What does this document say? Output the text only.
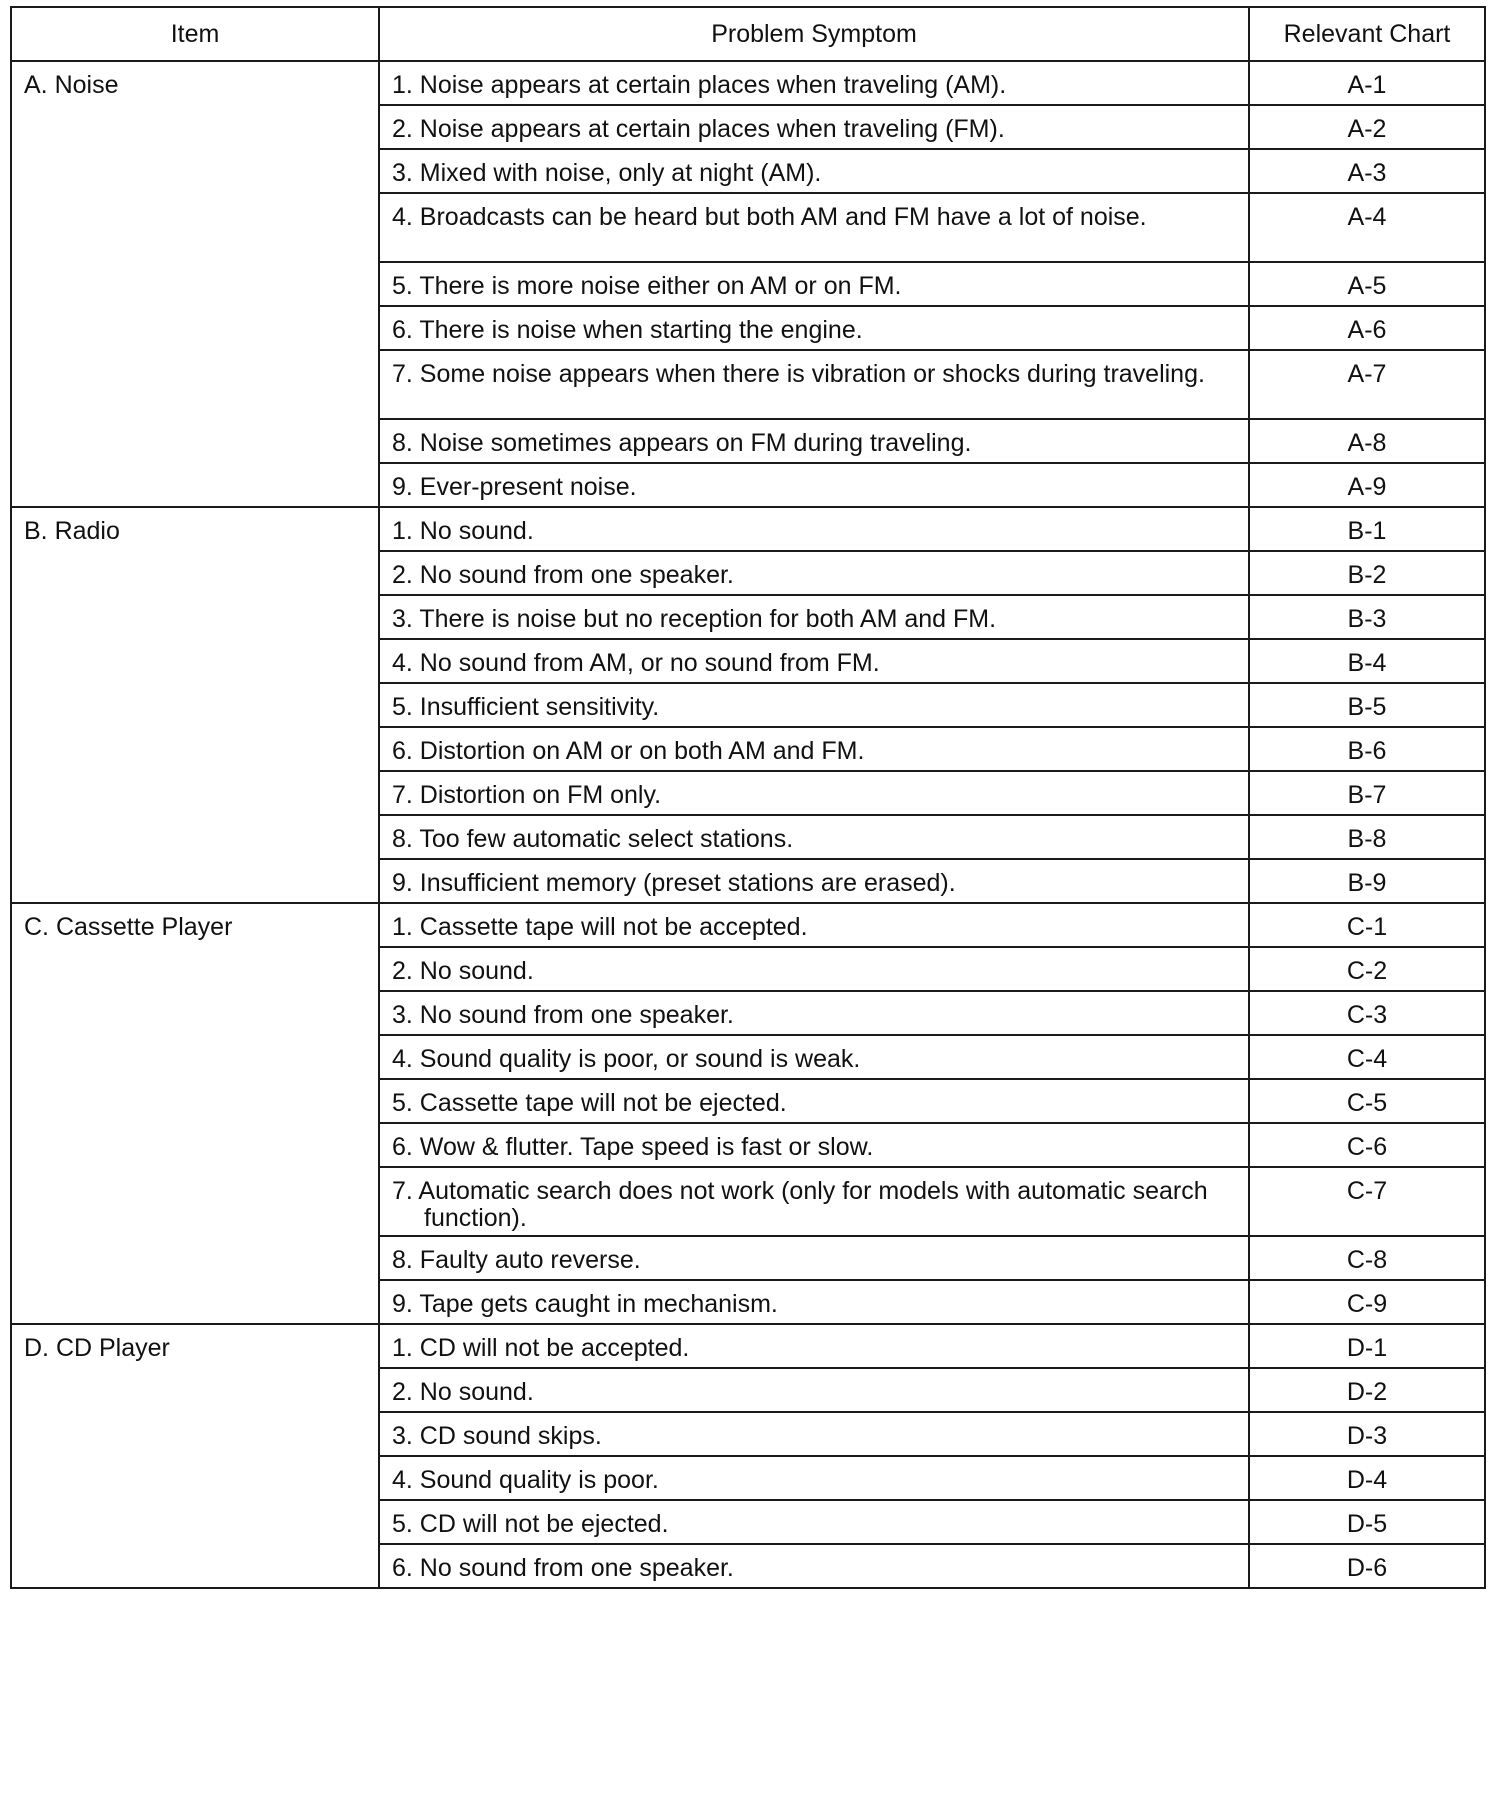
Item	Problem Symptom	Relevant Chart
A. Noise	1. Noise appears at certain places when traveling (AM).	A-1

	2. Noise appears at certain places when traveling (FM).	A-2

	3. Mixed with noise, only at night (AM).	A-3

	4. Broadcasts can be heard but both AM and FM have a lot of noise.	A-4

	5. There is more noise either on AM or on FM.	A-5

	6. There is noise when starting the engine.	A-6

	7. Some noise appears when there is vibration or shocks during traveling.	A-7

	8. Noise sometimes appears on FM during traveling.	A-8

	9. Ever-present noise.	A-9
B. Radio	1. No sound.	B-1

	2. No sound from one speaker.	B-2

	3. There is noise but no reception for both AM and FM.	B-3

	4. No sound from AM, or no sound from FM.	B-4

	5. Insufficient sensitivity.	B-5

	6. Distortion on AM or on both AM and FM.	B-6

	7. Distortion on FM only.	B-7

	8. Too few automatic select stations.	B-8

	9. Insufficient memory (preset stations are erased).	B-9
C. Cassette Player	1. Cassette tape will not be accepted.	C-1

	2. No sound.	C-2

	3. No sound from one speaker.	C-3

	4. Sound quality is poor, or sound is weak.	C-4

	5. Cassette tape will not be ejected.	C-5

	6. Wow & flutter. Tape speed is fast or slow.	C-6

	7. Automatic search does not work (only for models with automatic search function).	C-7

	8. Faulty auto reverse.	C-8

	9. Tape gets caught in mechanism.	C-9
D. CD Player	1. CD will not be accepted.	D-1

	2. No sound.	D-2

	3. CD sound skips.	D-3

	4. Sound quality is poor.	D-4

	5. CD will not be ejected.	D-5

	6. No sound from one speaker.	D-6
